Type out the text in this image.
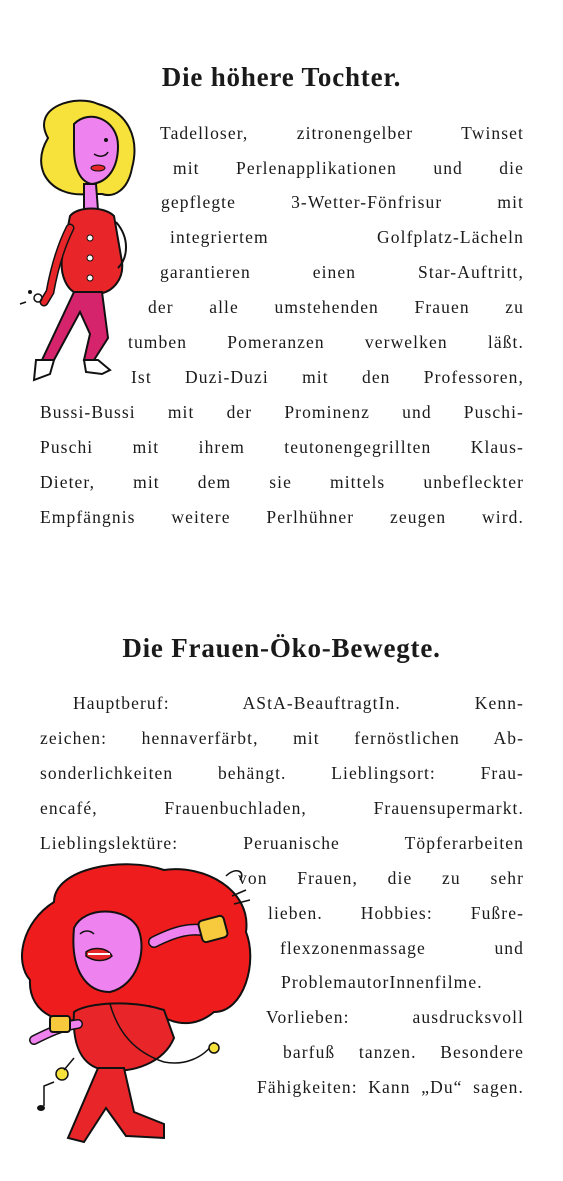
Die höhere Tochter.
Tadelloser, zitronengelber Twinset
mit Perlenapplikationen und die
gepflegte 3-Wetter-Fönfrisur mit
integriertem Golfplatz-Lächeln
garantieren einen Star-Auftritt,
der alle umstehenden Frauen zu
tumben Pomeranzen verwelken läßt.
Ist Duzi-Duzi mit den Professoren,
Bussi-Bussi mit der Prominenz und Puschi-
Puschi mit ihrem teutonengegrillten Klaus-
Dieter, mit dem sie mittels unbefleckter
Empfängnis weitere Perlhühner zeugen wird.
Die Frauen-Öko-Bewegte.
Hauptberuf: AStA-BeauftragtIn. Kenn-
zeichen: hennaverfärbt, mit fernöstlichen Ab-
sonderlichkeiten behängt. Lieblingsort: Frau-
encafé, Frauenbuchladen, Frauensupermarkt.
Lieblingslektüre: Peruanische Töpferarbeiten
von Frauen, die zu sehr
lieben. Hobbies: Fußre-
flexzonenmassage und
ProblemautorInnenfilme.
Vorlieben: ausdrucksvoll
barfuß tanzen. Besondere
Fähigkeiten: Kann „Du“ sagen.
